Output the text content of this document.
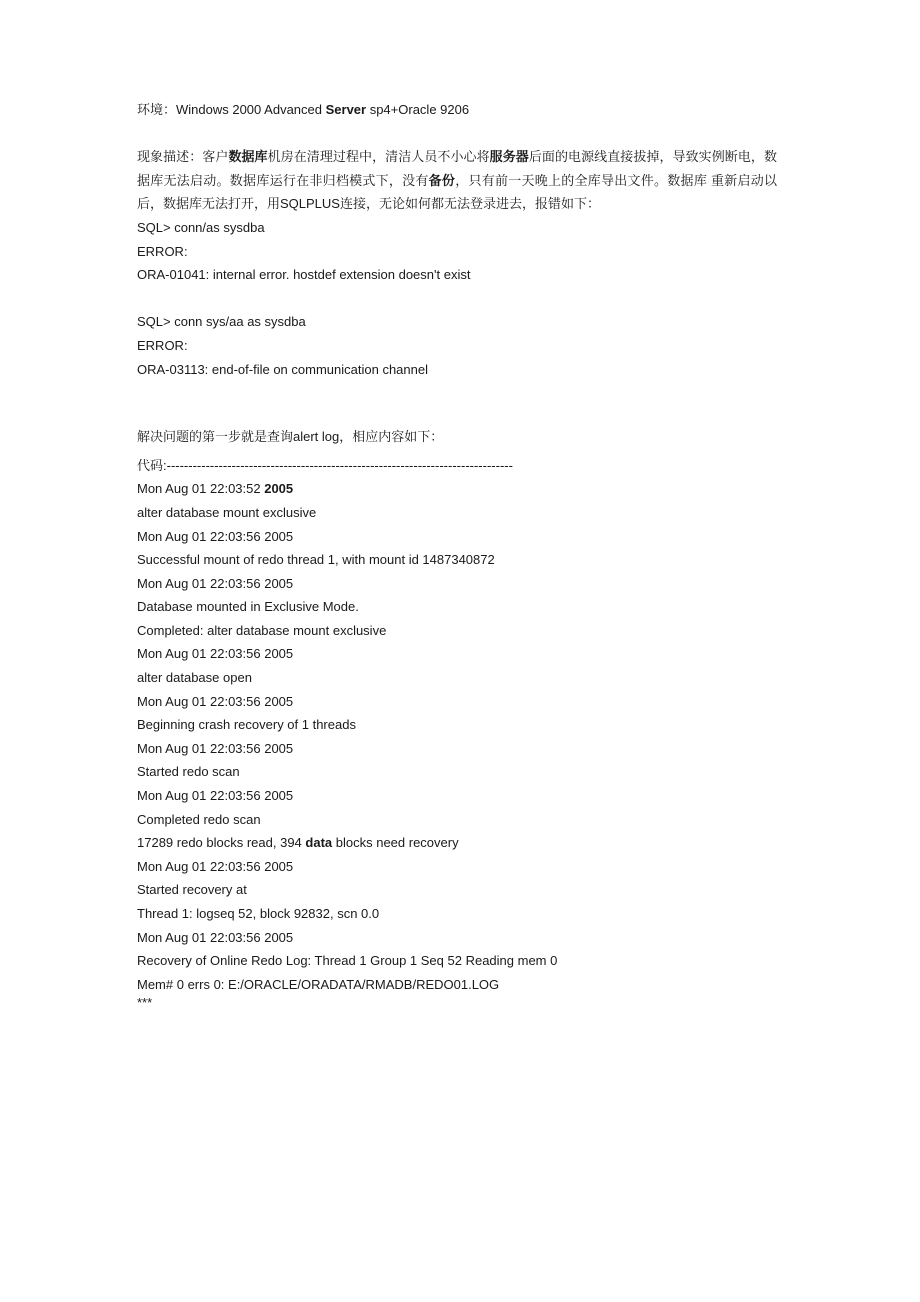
环境：Windows 2000 Advanced Server sp4+Oracle 9206
现象描述：客户数据库机房在清理过程中，清洁人员不小心将服务器后面的电源线直接拔掉，导致实例断电，数据库无法启动。数据库运行在非归档模式下，没有备份，只有前一天晚上的全库导出文件。数据库 重新启动以后，数据库无法打开，用SQLPLUS连接，无论如何都无法登录进去，报错如下：
SQL> conn/as sysdba
ERROR:
ORA-01041: internal error. hostdef extension doesn't exist
SQL> conn sys/aa as sysdba
ERROR:
ORA-03113: end-of-file on communication channel
解决问题的第一步就是查询alert log，相应内容如下：
代码:--------------------------------------------------------------------------------
Mon Aug 01 22:03:52 2005
alter database mount exclusive
Mon Aug 01 22:03:56 2005
Successful mount of redo thread 1, with mount id 1487340872
Mon Aug 01 22:03:56 2005
Database mounted in Exclusive Mode.
Completed: alter database mount exclusive
Mon Aug 01 22:03:56 2005
alter database open
Mon Aug 01 22:03:56 2005
Beginning crash recovery of 1 threads
Mon Aug 01 22:03:56 2005
Started redo scan
Mon Aug 01 22:03:56 2005
Completed redo scan
17289 redo blocks read, 394 data blocks need recovery
Mon Aug 01 22:03:56 2005
Started recovery at
Thread 1: logseq 52, block 92832, scn 0.0
Mon Aug 01 22:03:56 2005
Recovery of Online Redo Log: Thread 1 Group 1 Seq 52 Reading mem 0
Mem# 0 errs 0: E:/ORACLE/ORADATA/RMADB/REDO01.LOG
***
